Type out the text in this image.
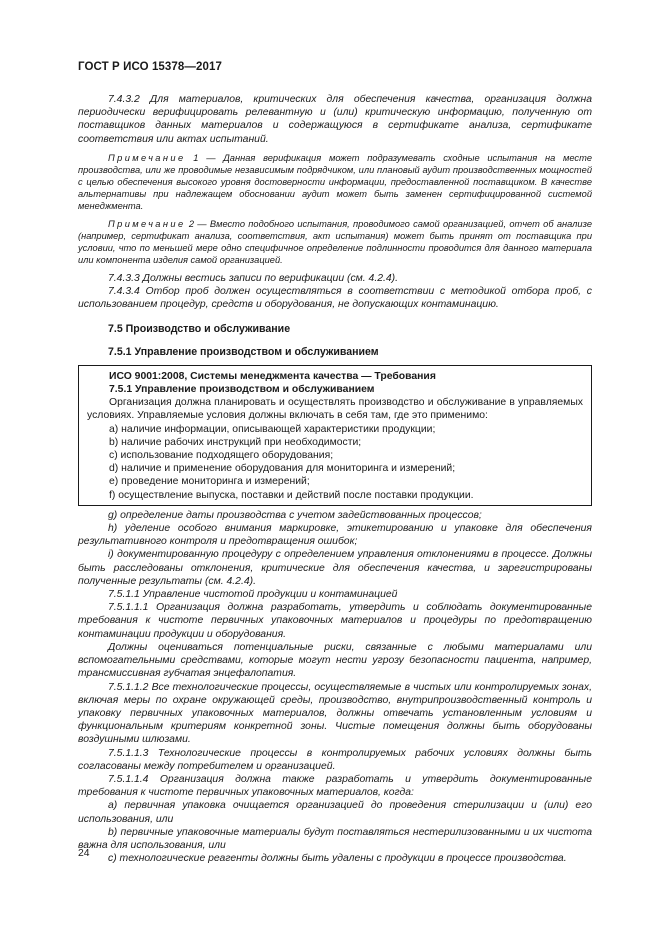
ГОСТ Р ИСО 15378—2017

7.4.3.2 Для материалов, критических для обеспечения качества, организация должна периодически верифицировать релевантную и (или) критическую информацию, полученную от поставщиков данных материалов и содержащуюся в сертификате анализа, сертификате соответствия или актах испытаний.

Примечание 1 — Данная верификация может подразумевать сходные испытания на месте производства, или же проводимые независимым подрядчиком, или плановый аудит производственных мощностей с целью обеспечения высокого уровня достоверности информации, предоставленной поставщиком. В качестве альтернативы при надлежащем обосновании аудит может быть заменен сертифицированной системой менеджмента.

Примечание 2 — Вместо подобного испытания, проводимого самой организацией, отчет об анализе (например, сертификат анализа, соответствия, акт испытания) может быть принят от поставщика при условии, что по меньшей мере одно специфичное определение подлинности проводится для данного материала или компонента изделия самой организацией.

7.4.3.3 Должны вестись записи по верификации (см. 4.2.4).

7.4.3.4 Отбор проб должен осуществляться в соответствии с методикой отбора проб, с использованием процедур, средств и оборудования, не допускающих контаминацию.

7.5 Производство и обслуживание

7.5.1 Управление производством и обслуживанием

ИСО 9001:2008, Системы менеджмента качества — Требования

7.5.1 Управление производством и обслуживанием

Организация должна планировать и осуществлять производство и обслуживание в управляемых условиях. Управляемые условия должны включать в себя там, где это применимо:

a) наличие информации, описывающей характеристики продукции;

b) наличие рабочих инструкций при необходимости;

c) использование подходящего оборудования;

d) наличие и применение оборудования для мониторинга и измерений;

e) проведение мониторинга и измерений;

f) осуществление выпуска, поставки и действий после поставки продукции.

g) определение даты производства с учетом задействованных процессов;

h) уделение особого внимания маркировке, этикетированию и упаковке для обеспечения результативного контроля и предотвращения ошибок;

i) документированную процедуру с определением управления отклонениями в процессе. Должны быть расследованы отклонения, критические для обеспечения качества, и зарегистрированы полученные результаты (см. 4.2.4).

7.5.1.1 Управление чистотой продукции и контаминацией

7.5.1.1.1 Организация должна разработать, утвердить и соблюдать документированные требования к чистоте первичных упаковочных материалов и процедуры по предотвращению контаминации продукции и оборудования.

Должны оцениваться потенциальные риски, связанные с любыми материалами или вспомогательными средствами, которые могут нести угрозу безопасности пациента, например, трансмиссивная губчатая энцефалопатия.

7.5.1.1.2 Все технологические процессы, осуществляемые в чистых или контролируемых зонах, включая меры по охране окружающей среды, производство, внутрипроизводственный контроль и упаковку первичных упаковочных материалов, должны отвечать установленным условиям и функциональным критериям конкретной зоны. Чистые помещения должны быть оборудованы воздушными шлюзами.

7.5.1.1.3 Технологические процессы в контролируемых рабочих условиях должны быть согласованы между потребителем и организацией.

7.5.1.1.4 Организация должна также разработать и утвердить документированные требования к чистоте первичных упаковочных материалов, когда:

a) первичная упаковка очищается организацией до проведения стерилизации и (или) его использования, или

b) первичные упаковочные материалы будут поставляться нестерилизованными и их чистота важна для использования, или

c) технологические реагенты должны быть удалены с продукции в процессе производства.

24
